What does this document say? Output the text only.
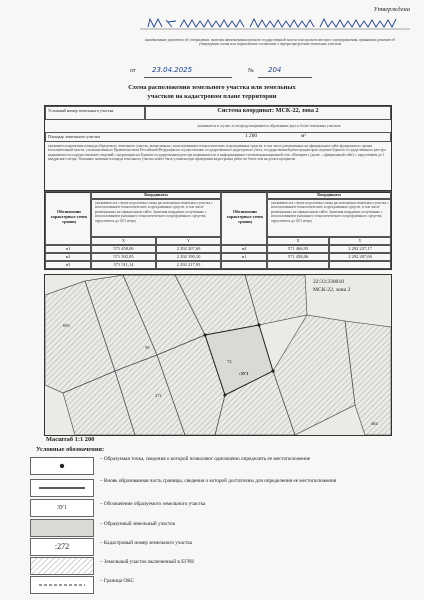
Утверждена
наименование документа об утверждении, включая наименования органов государственной власти или органов местного самоуправления, принявших решение об утверждении схемы или подписавших соглашение о перераспределении земельных участков
от 23.04.2025	№ 204
Схема расположения земельного участка или земельных
участков на кадастровом плане территории
Условный номер земельного участка	Система координат: МСК-22, зона 2
указывается в случае, если предусматривается образование двух и более земельных участков
Площадь земельного участка	1 200	м²
указывается проектная площадь образуемого земельного участка, вычисленная с использованием технологических и программных средств, в том числе размещенных на официальном сайте федерального органа исполнительной власти, уполномоченного Правительством Российской Федерации на осуществление государственного кадастрового учета, государственной регистрации прав, ведение Единого государственного реестра недвижимости и предоставление сведений, содержащихся в Едином государственном реестре недвижимости, в информационно-телекоммуникационной сети «Интернет» (далее – официальный сайт), с округлением до 1 квадратного метра. Указанное значение площади земельного участка может быть уточнено при проведении кадастровых работ не более чем на десять процентов
Обозначение характерных точек границ
Координаты
указываются в случае подготовки схемы расположения земельного участка с использованием технологических и программных средств, в том числе размещенных на официальном сайте. Значения координат, полученные с использованием указанного технологического и программного средства, округляются до 0,01 метра
X	Y
Обозначение характерных точек границ
Координаты
указываются в случае подготовки схемы расположения земельного участка с использованием технологических и программных средств, в том числе размещенных на официальном сайте. Значения координат, полученные с использованием указанного технологического и программного средства, округляются до 0,01 метра
X	Y
н1	571 458,06	2 292 207,69
н2	571 502,95	2 292 190,10
н3	571 511,14	2 292 217,93
н4	571 466,93	2 292 237,17
н1	571 458,06	2 292 207,69
22:33:330010
МСК-22, зона 2
693
59
72
271
464
:ЗУ1
Масштаб 1:1 200
Условные обозначения:
– Образуемая точка, сведения о которой позволяют однозначно определить ее местоположение
– Вновь образованная часть границы, сведения о которой достаточны для определения ее местоположения
ЗУ1
– Обозначение образуемого земельного участка
– Образуемый земельный участок
:272	– Кадастровый номер земельного участка
– Земельный участок включенный в ЕГРН
– Граница ОКС
